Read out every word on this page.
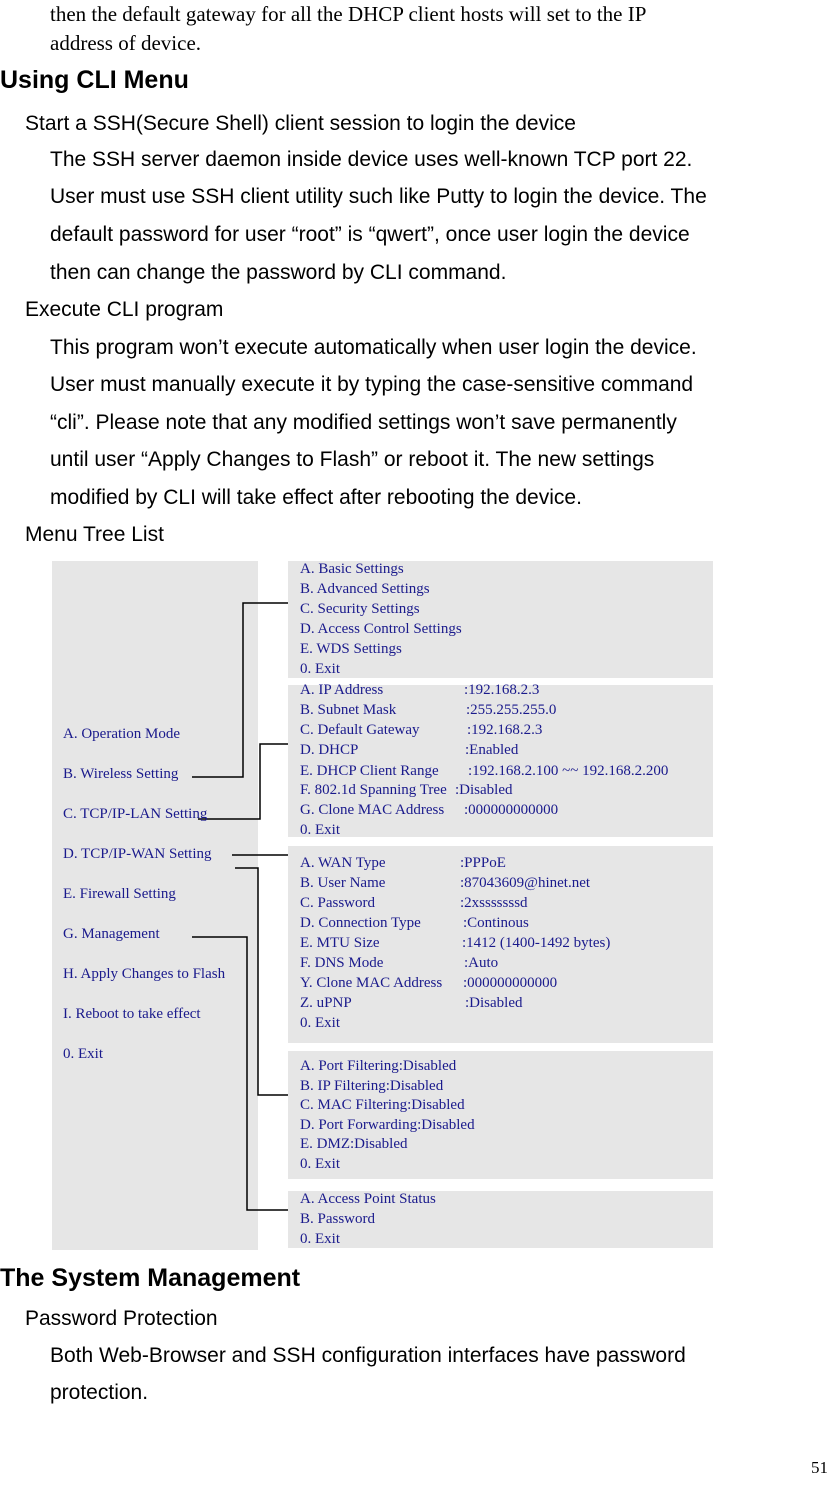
then the default gateway for all the DHCP client hosts will set to the IP
address of device.
Using CLI Menu
Start a SSH(Secure Shell) client session to login the device
The SSH server daemon inside device uses well-known TCP port 22.
User must use SSH client utility such like Putty to login the device. The
default password for user “root” is “qwert”, once user login the device
then can change the password by CLI command.
Execute CLI program
This program won’t execute automatically when user login the device.
User must manually execute it by typing the case-sensitive command
“cli”. Please note that any modified settings won’t save permanently
until user “Apply Changes to Flash” or reboot it. The new settings
modified by CLI will take effect after rebooting the device.
Menu Tree List
A. Operation Mode
B. Wireless Setting
C. TCP/IP-LAN Setting
D. TCP/IP-WAN Setting
E. Firewall Setting
G. Management
H. Apply Changes to Flash
I. Reboot to take effect
0. Exit
A. Basic Settings
B. Advanced Settings
C. Security Settings
D. Access Control Settings
E. WDS Settings
0. Exit
A. IP Address	:192.168.2.3
B. Subnet Mask	:255.255.255.0
C. Default Gateway	:192.168.2.3
D. DHCP	:Enabled
E. DHCP Client Range :192.168.2.100 ~~ 192.168.2.200
F. 802.1d Spanning Tree :Disabled
G. Clone MAC Address :000000000000
0. Exit
A. WAN Type	:PPPoE
B. User Name	:87043609@hinet.net
C. Password	:2xsssssssd
D. Connection Type	:Continous
E. MTU Size	:1412 (1400-1492 bytes)
F. DNS Mode	:Auto
Y. Clone MAC Address :000000000000
Z. uPNP	:Disabled
0. Exit
A. Port Filtering:Disabled
B. IP Filtering:Disabled
C. MAC Filtering:Disabled
D. Port Forwarding:Disabled
E. DMZ:Disabled
0. Exit
A. Access Point Status
B. Password
0. Exit
The System Management
Password Protection
Both Web-Browser and SSH configuration interfaces have password
protection.
51
